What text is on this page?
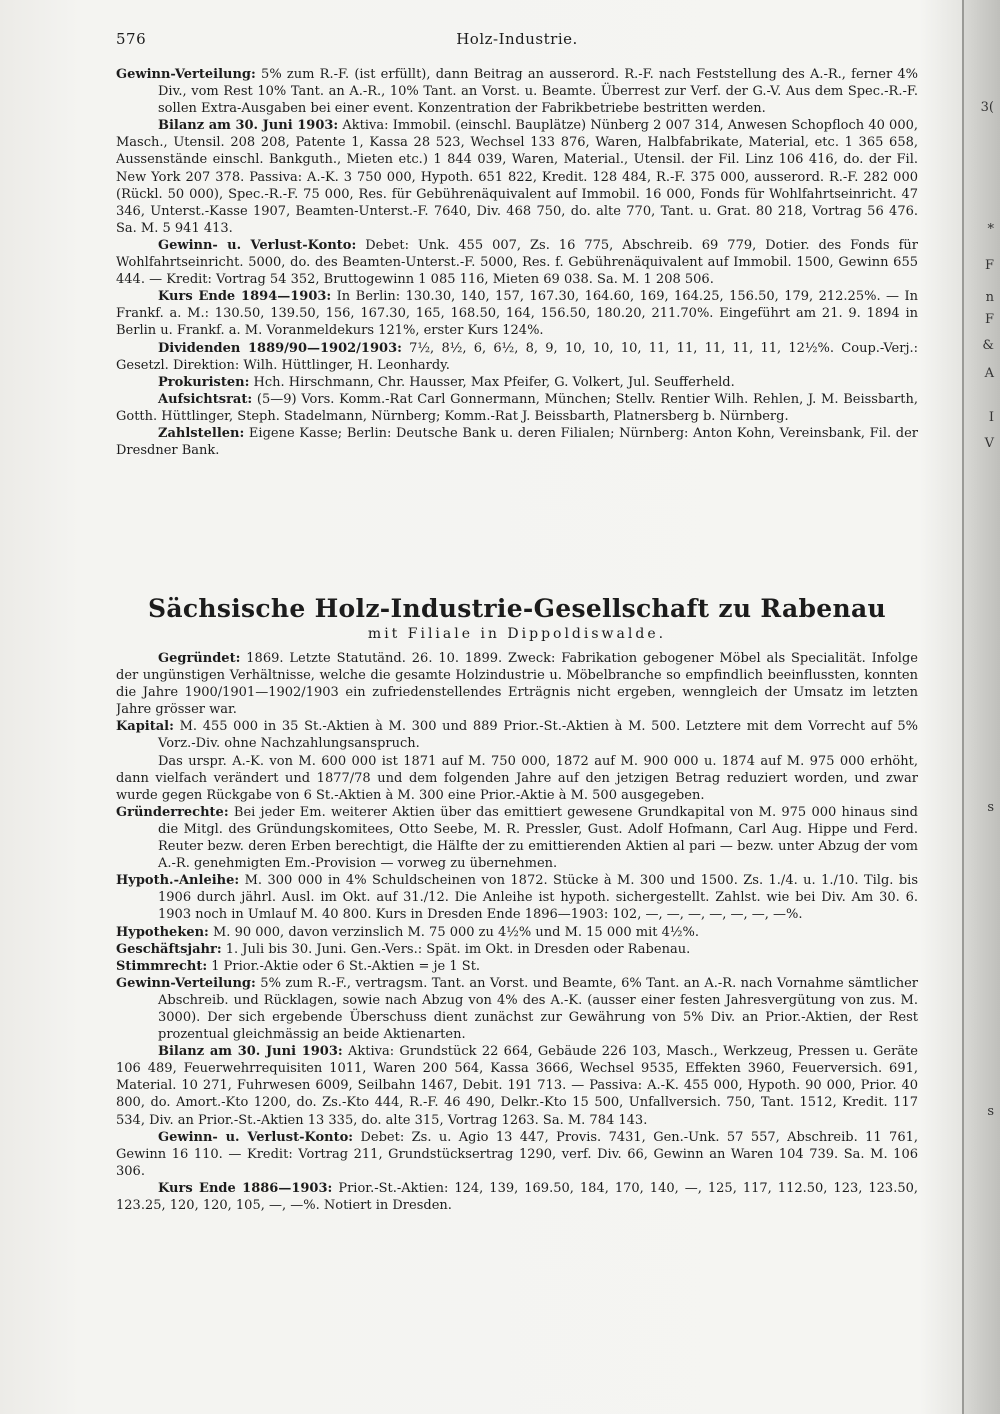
576	Holz-Industrie.

Gewinn-Verteilung: 5% zum R.-F. (ist erfüllt), dann Beitrag an ausserord. R.-F. nach Feststellung des A.-R., ferner 4% Div., vom Rest 10% Tant. an A.-R., 10% Tant. an Vorst. u. Beamte. Überrest zur Verf. der G.-V. Aus dem Spec.-R.-F. sollen Extra-Ausgaben bei einer event. Konzentration der Fabrikbetriebe bestritten werden.

Bilanz am 30. Juni 1903: Aktiva: Immobil. (einschl. Bauplätze) Nünberg 2 007 314, Anwesen Schopfloch 40 000, Masch., Utensil. 208 208, Patente 1, Kassa 28 523, Wechsel 133 876, Waren, Halbfabrikate, Material, etc. 1 365 658, Aussenstände einschl. Bankguth., Mieten etc.) 1 844 039, Waren, Material., Utensil. der Fil. Linz 106 416, do. der Fil. New York 207 378. Passiva: A.-K. 3 750 000, Hypoth. 651 822, Kredit. 128 484, R.-F. 375 000, ausserord. R.-F. 282 000 (Rückl. 50 000), Spec.-R.-F. 75 000, Res. für Gebührenäquivalent auf Immobil. 16 000, Fonds für Wohlfahrtseinricht. 47 346, Unterst.-Kasse 1907, Beamten-Unterst.-F. 7640, Div. 468 750, do. alte 770, Tant. u. Grat. 80 218, Vortrag 56 476. Sa. M. 5 941 413.

Gewinn- u. Verlust-Konto: Debet: Unk. 455 007, Zs. 16 775, Abschreib. 69 779, Dotier. des Fonds für Wohlfahrtseinricht. 5000, do. des Beamten-Unterst.-F. 5000, Res. f. Gebührenäquivalent auf Immobil. 1500, Gewinn 655 444. — Kredit: Vortrag 54 352, Bruttogewinn 1 085 116, Mieten 69 038. Sa. M. 1 208 506.

Kurs Ende 1894—1903: In Berlin: 130.30, 140, 157, 167.30, 164.60, 169, 164.25, 156.50, 179, 212.25%. — In Frankf. a. M.: 130.50, 139.50, 156, 167.30, 165, 168.50, 164, 156.50, 180.20, 211.70%. Eingeführt am 21. 9. 1894 in Berlin u. Frankf. a. M. Voranmeldekurs 121%, erster Kurs 124%.

Dividenden 1889/90—1902/1903: 7½, 8½, 6, 6½, 8, 9, 10, 10, 10, 11, 11, 11, 11, 11, 12½%. Coup.-Verj.: Gesetzl. Direktion: Wilh. Hüttlinger, H. Leonhardy.

Prokuristen: Hch. Hirschmann, Chr. Hausser, Max Pfeifer, G. Volkert, Jul. Seufferheld.

Aufsichtsrat: (5—9) Vors. Komm.-Rat Carl Gonnermann, München; Stellv. Rentier Wilh. Rehlen, J. M. Beissbarth, Gotth. Hüttlinger, Steph. Stadelmann, Nürnberg; Komm.-Rat J. Beissbarth, Platnersberg b. Nürnberg.

Zahlstellen: Eigene Kasse; Berlin: Deutsche Bank u. deren Filialen; Nürnberg: Anton Kohn, Vereinsbank, Fil. der Dresdner Bank.

Sächsische Holz-Industrie-Gesellschaft zu Rabenau
mit Filiale in Dippoldiswalde.

Gegründet: 1869. Letzte Statutänd. 26. 10. 1899. Zweck: Fabrikation gebogener Möbel als Specialität. Infolge der ungünstigen Verhältnisse, welche die gesamte Holzindustrie u. Möbelbranche so empfindlich beeinflussten, konnten die Jahre 1900/1901—1902/1903 ein zufriedenstellendes Erträgnis nicht ergeben, wenngleich der Umsatz im letzten Jahre grösser war.

Kapital: M. 455 000 in 35 St.-Aktien à M. 300 und 889 Prior.-St.-Aktien à M. 500. Letztere mit dem Vorrecht auf 5% Vorz.-Div. ohne Nachzahlungsanspruch.

Das urspr. A.-K. von M. 600 000 ist 1871 auf M. 750 000, 1872 auf M. 900 000 u. 1874 auf M. 975 000 erhöht, dann vielfach verändert und 1877/78 und dem folgenden Jahre auf den jetzigen Betrag reduziert worden, und zwar wurde gegen Rückgabe von 6 St.-Aktien à M. 300 eine Prior.-Aktie à M. 500 ausgegeben.

Gründerrechte: Bei jeder Em. weiterer Aktien über das emittiert gewesene Grundkapital von M. 975 000 hinaus sind die Mitgl. des Gründungskomitees, Otto Seebe, M. R. Pressler, Gust. Adolf Hofmann, Carl Aug. Hippe und Ferd. Reuter bezw. deren Erben berechtigt, die Hälfte der zu emittierenden Aktien al pari — bezw. unter Abzug der vom A.-R. genehmigten Em.-Provision — vorweg zu übernehmen.

Hypoth.-Anleihe: M. 300 000 in 4% Schuldscheinen von 1872. Stücke à M. 300 und 1500. Zs. 1./4. u. 1./10. Tilg. bis 1906 durch jährl. Ausl. im Okt. auf 31./12. Die Anleihe ist hypoth. sichergestellt. Zahlst. wie bei Div. Am 30. 6. 1903 noch in Umlauf M. 40 800. Kurs in Dresden Ende 1896—1903: 102, —, —, —, —, —, —, —%.

Hypotheken: M. 90 000, davon verzinslich M. 75 000 zu 4½% und M. 15 000 mit 4½%.

Geschäftsjahr: 1. Juli bis 30. Juni. Gen.-Vers.: Spät. im Okt. in Dresden oder Rabenau.

Stimmrecht: 1 Prior.-Aktie oder 6 St.-Aktien = je 1 St.

Gewinn-Verteilung: 5% zum R.-F., vertragsm. Tant. an Vorst. und Beamte, 6% Tant. an A.-R. nach Vornahme sämtlicher Abschreib. und Rücklagen, sowie nach Abzug von 4% des A.-K. (ausser einer festen Jahresvergütung von zus. M. 3000). Der sich ergebende Überschuss dient zunächst zur Gewährung von 5% Div. an Prior.-Aktien, der Rest prozentual gleichmässig an beide Aktienarten.

Bilanz am 30. Juni 1903: Aktiva: Grundstück 22 664, Gebäude 226 103, Masch., Werkzeug, Pressen u. Geräte 106 489, Feuerwehrrequisiten 1011, Waren 200 564, Kassa 3666, Wechsel 9535, Effekten 3960, Feuerversich. 691, Material. 10 271, Fuhrwesen 6009, Seilbahn 1467, Debit. 191 713. — Passiva: A.-K. 455 000, Hypoth. 90 000, Prior. 40 800, do. Amort.-Kto 1200, do. Zs.-Kto 444, R.-F. 46 490, Delkr.-Kto 15 500, Unfallversich. 750, Tant. 1512, Kredit. 117 534, Div. an Prior.-St.-Aktien 13 335, do. alte 315, Vortrag 1263. Sa. M. 784 143.

Gewinn- u. Verlust-Konto: Debet: Zs. u. Agio 13 447, Provis. 7431, Gen.-Unk. 57 557, Abschreib. 11 761, Gewinn 16 110. — Kredit: Vortrag 211, Grundstücksertrag 1290, verf. Div. 66, Gewinn an Waren 104 739. Sa. M. 106 306.

Kurs Ende 1886—1903: Prior.-St.-Aktien: 124, 139, 169.50, 184, 170, 140, —, 125, 117, 112.50, 123, 123.50, 123.25, 120, 120, 105, —, —%. Notiert in Dresden.

3(
*
F
n
F
&
A
I
V
s
s
